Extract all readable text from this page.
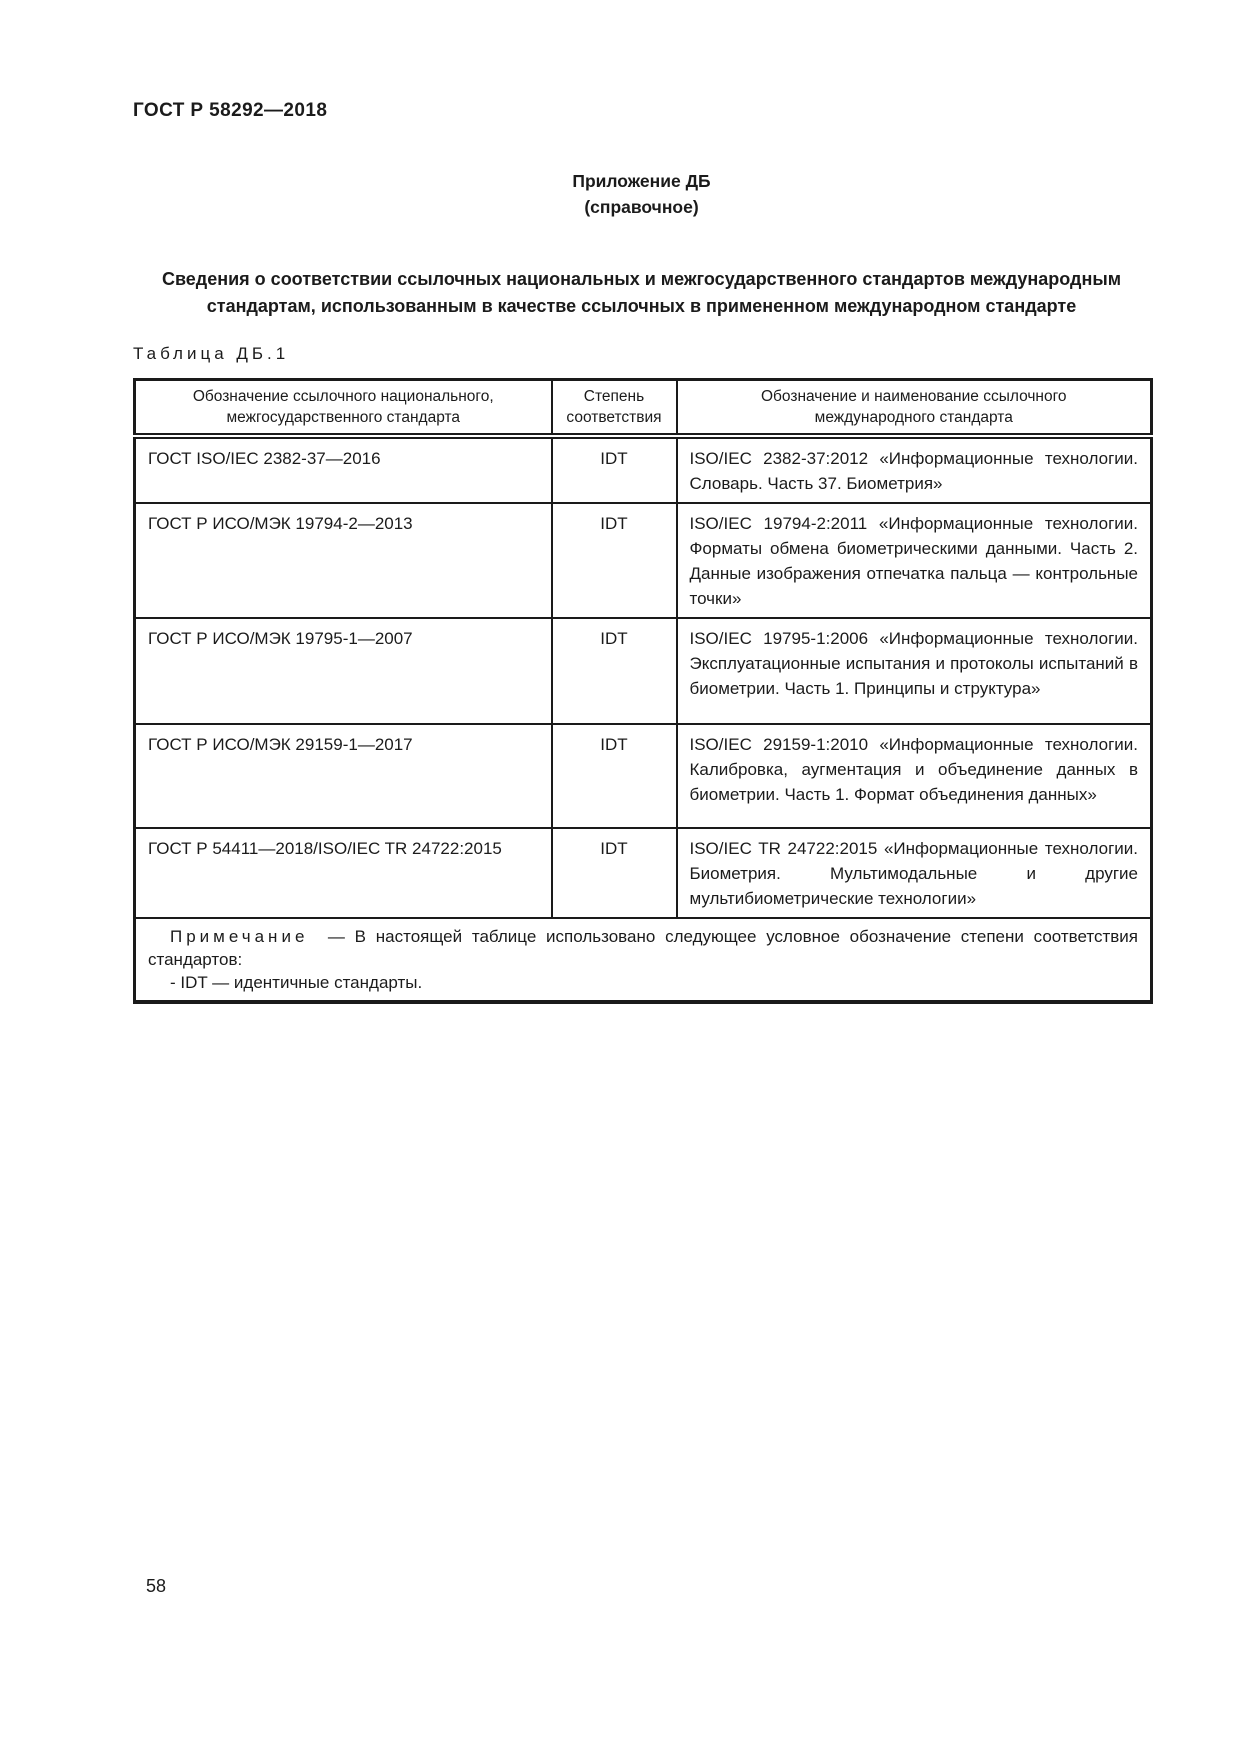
ГОСТ Р 58292—2018
Приложение ДБ
(справочное)
Сведения о соответствии ссылочных национальных и межгосударственного стандартов международным стандартам, использованным в качестве ссылочных в примененном международном стандарте
Таблица ДБ.1
Обозначение ссылочного национального, межгосударственного стандарта	Степень соответствия	Обозначение и наименование ссылочного международного стандарта
ГОСТ ISO/IEC 2382-37—2016	IDT	ISO/IEC 2382-37:2012 «Информационные технологии. Словарь. Часть 37. Биометрия»
ГОСТ Р ИСО/МЭК 19794-2—2013	IDT	ISO/IEC 19794-2:2011 «Информационные технологии. Форматы обмена биометрическими данными. Часть 2. Данные изображения отпечатка пальца — контрольные точки»
ГОСТ Р ИСО/МЭК 19795-1—2007	IDT	ISO/IEC 19795-1:2006 «Информационные технологии. Эксплуатационные испытания и протоколы испытаний в биометрии. Часть 1. Принципы и структура»
ГОСТ Р ИСО/МЭК 29159-1—2017	IDT	ISO/IEC 29159-1:2010 «Информационные технологии. Калибровка, аугментация и объединение данных в биометрии. Часть 1. Формат объединения данных»
ГОСТ Р 54411—2018/ISO/IEC TR 24722:2015	IDT	ISO/IEC TR 24722:2015 «Информационные технологии. Биометрия. Мультимодальные и другие мультибиометрические технологии»

Примечание — В настоящей таблице использовано следующее условное обозначение степени соответствия стандартов:

- IDT — идентичные стандарты.		

58
